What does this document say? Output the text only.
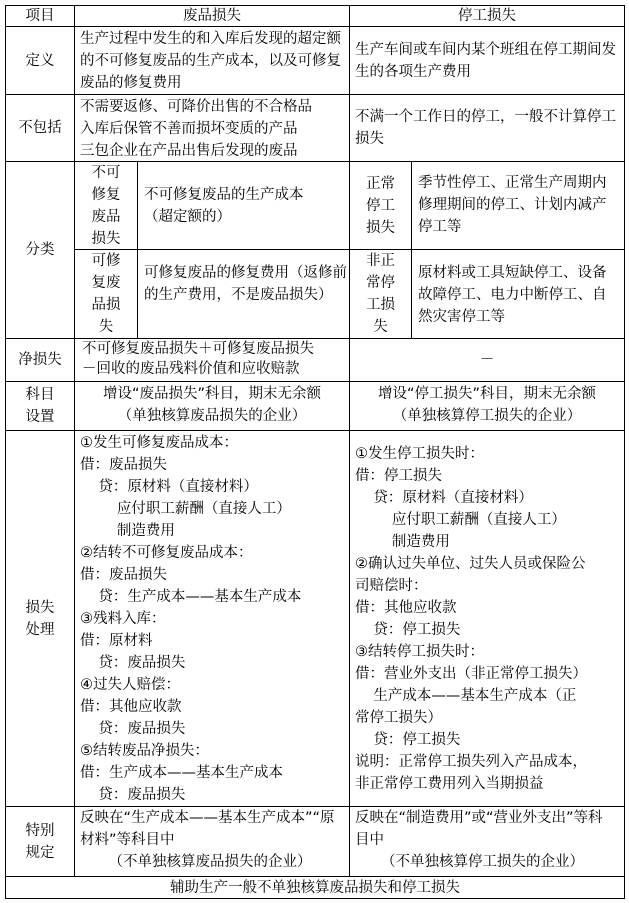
项目	废品损失	停工损失
定义
生产过程中发生的和入库后发现的超定额的不可修复废品的生产成本，以及可修复废品的修复费用
生产车间或车间内某个班组在停工期间发生的各项生产费用
不包括
不需要返修、可降价出售的不合格品
入库后保管不善而损坏变质的产品
三包企业在产品出售后发现的废品
不满一个工作日的停工，一般不计算停工损失
分类
不可
修复
废品
损失
不可修复废品的生产成本
（超定额的）
可修
复废
品损
失
可修复废品的修复费用（返修前的生产费用，不是废品损失）
正常
停工
损失
季节性停工、正常生产周期内修理期间的停工、计划内减产停工等
非正
常停
工损
失
原材料或工具短缺停工、设备故障停工、电力中断停工、自然灾害停工等
净损失
不可修复废品损失＋可修复废品损失
－回收的废品残料价值和应收赔款
－
科目
设置
增设“废品损失”科目，期末无余额
（单独核算废品损失的企业）
增设“停工损失”科目，期末无余额
（单独核算停工损失的企业）
损失
处理
①发生可修复废品成本：
借：废品损失
贷：原材料（直接材料）
应付职工薪酬（直接人工）
制造费用
②结转不可修复废品成本：
借：废品损失
贷：生产成本——基本生产成本
③残料入库：
借：原材料
贷：废品损失
④过失人赔偿：
借：其他应收款
贷：废品损失
⑤结转废品净损失：
借：生产成本——基本生产成本
贷：废品损失
①发生停工损失时：
借：停工损失
贷：原材料（直接材料）
应付职工薪酬（直接人工）
制造费用
②确认过失单位、过失人员或保险公
司赔偿时：
借：其他应收款
贷：停工损失
③结转停工损失时：
借：营业外支出（非正常停工损失）
生产成本——基本生产成本（正
常停工损失）
贷：停工损失
说明：正常停工损失列入产品成本，
非正常停工费用列入当期损益
特别
规定
反映在“生产成本——基本生产成本”“原材料”等科目中
（不单独核算废品损失的企业）
反映在“制造费用”或“营业外支出”等科目中
（不单独核算停工损失的企业）
辅助生产一般不单独核算废品损失和停工损失
